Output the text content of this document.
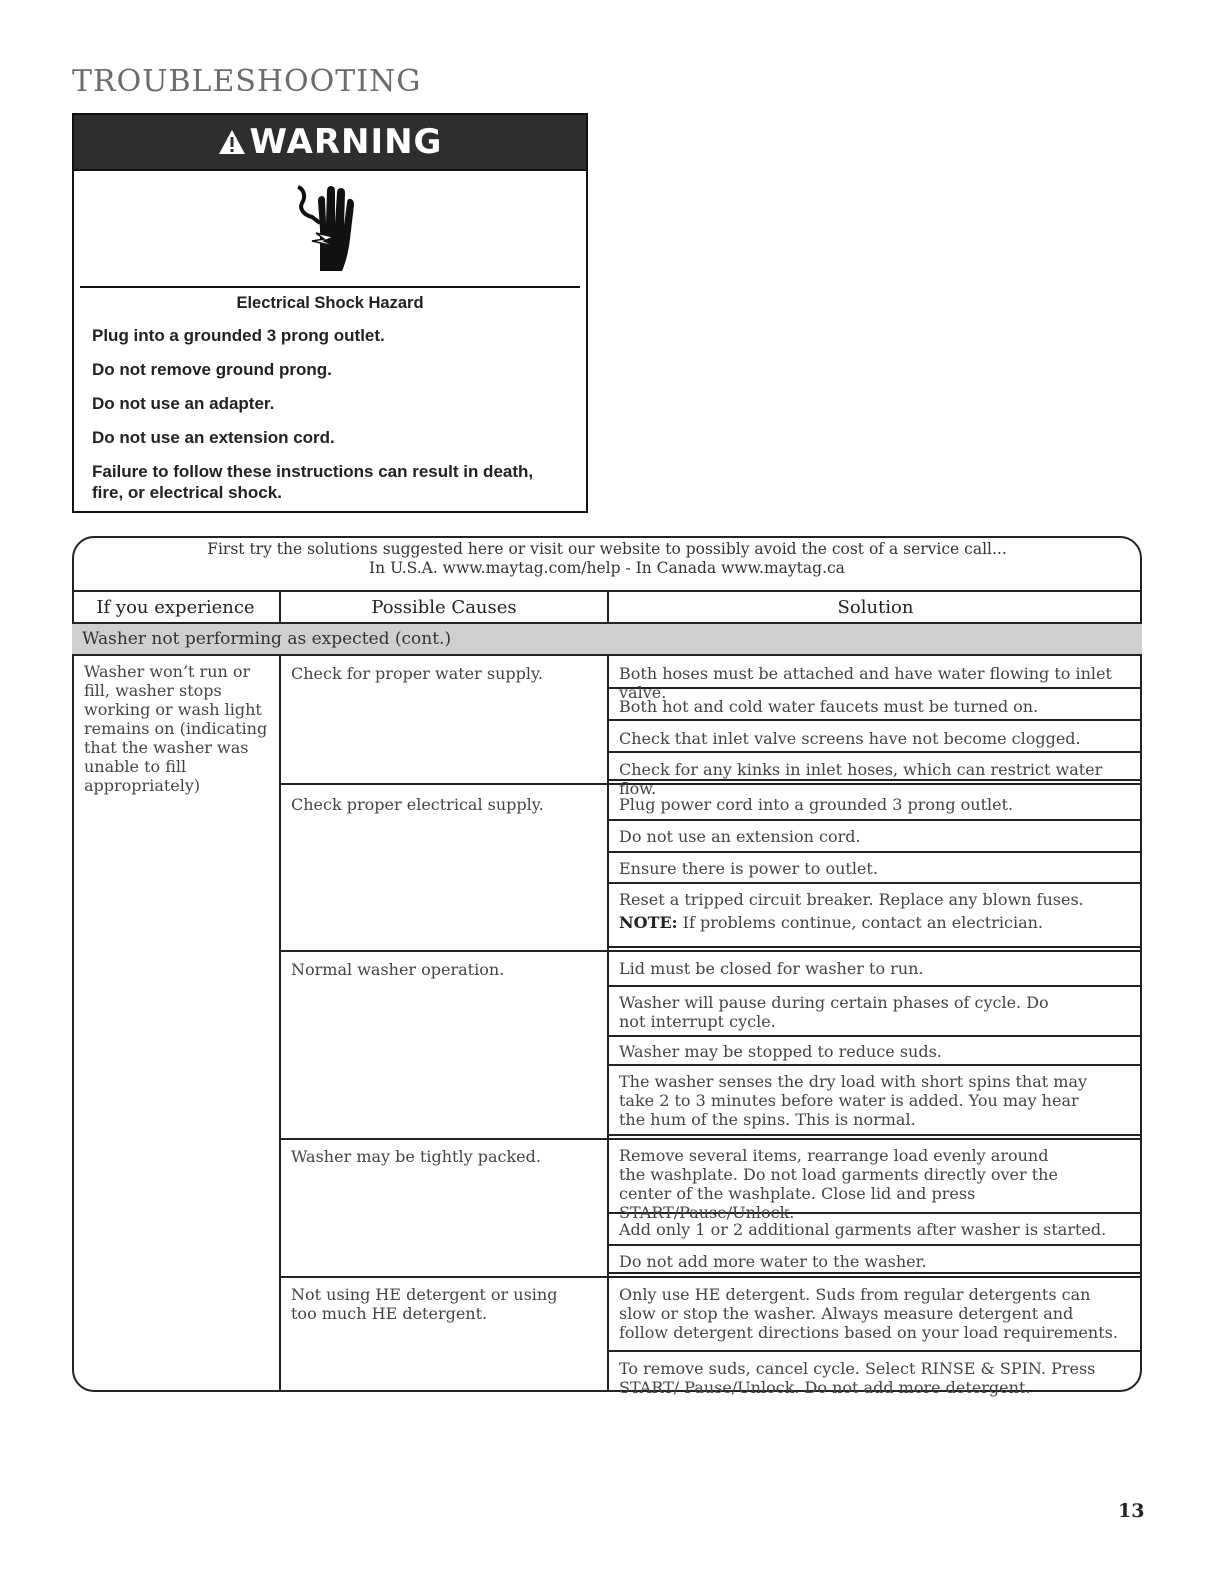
TROUBLESHOOTING
WARNING
Electrical Shock Hazard
Plug into a grounded 3 prong outlet.
Do not remove ground prong.
Do not use an adapter.
Do not use an extension cord.
Failure to follow these instructions can result in death, fire, or electrical shock.
First try the solutions suggested here or visit our website to possibly avoid the cost of a service call...
In U.S.A. www.maytag.com/help - In Canada www.maytag.ca
If you experience	Possible Causes	Solution
Washer not performing as expected (cont.)
Washer won’t run or fill, washer stops working or wash light remains on (indicating that the washer was unable to fill appropriately)
Check for proper water supply.
Check proper electrical supply.
Normal washer operation.
Washer may be tightly packed.
Not using HE detergent or using too much HE detergent.
Both hoses must be attached and have water flowing to inlet valve.
Both hot and cold water faucets must be turned on.
Check that inlet valve screens have not become clogged.
Check for any kinks in inlet hoses, which can restrict water flow.
Plug power cord into a grounded 3 prong outlet.
Do not use an extension cord.
Ensure there is power to outlet.
Reset a tripped circuit breaker. Replace any blown fuses.
NOTE: If problems continue, contact an electrician.
Lid must be closed for washer to run.
Washer will pause during certain phases of cycle. Do not interrupt cycle.
Washer may be stopped to reduce suds.
The washer senses the dry load with short spins that may take 2 to 3 minutes before water is added. You may hear the hum of the spins. This is normal.
Remove several items, rearrange load evenly around the washplate. Do not load garments directly over the center of the washplate. Close lid and press START/Pause/Unlock.
Add only 1 or 2 additional garments after washer is started.
Do not add more water to the washer.
Only use HE detergent. Suds from regular detergents can slow or stop the washer. Always measure detergent and follow detergent directions based on your load requirements.
To remove suds, cancel cycle. Select RINSE & SPIN. Press START/ Pause/Unlock. Do not add more detergent.
13
